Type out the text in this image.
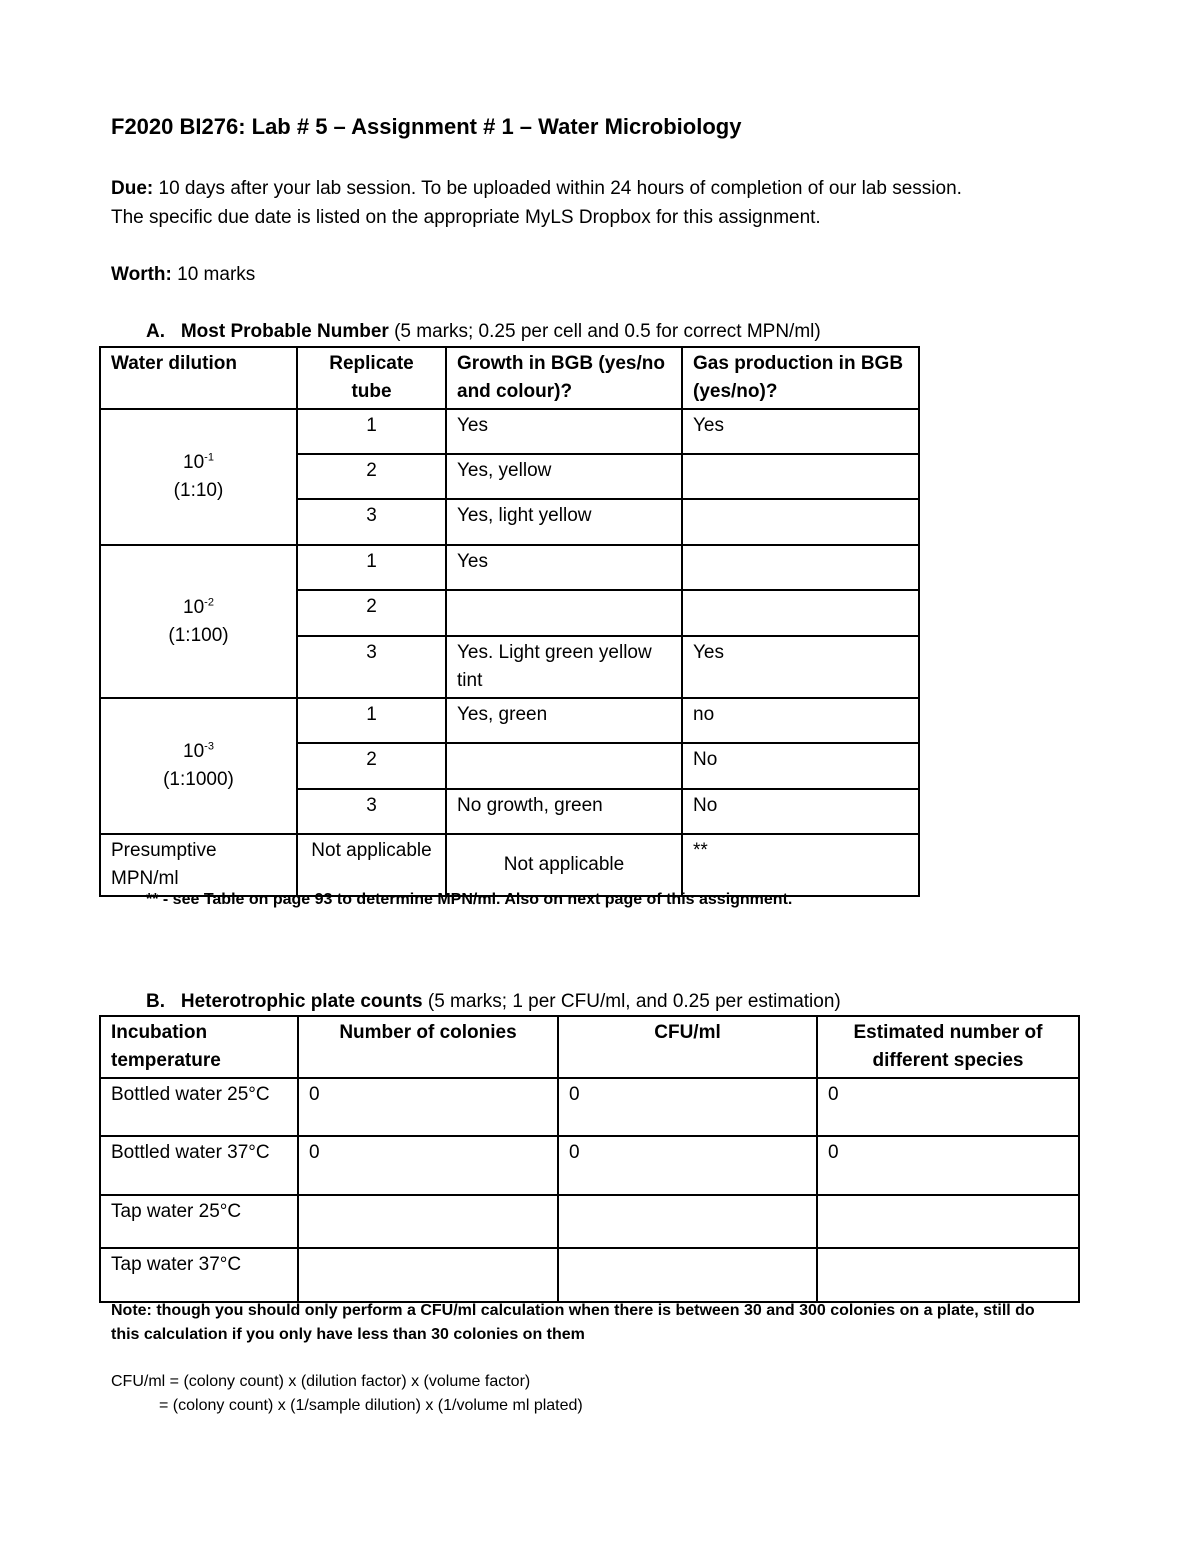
F2020 BI276: Lab # 5 – Assignment # 1 – Water Microbiology
Due: 10 days after your lab session. To be uploaded within 24 hours of completion of our lab session.
The specific due date is listed on the appropriate MyLS Dropbox for this assignment.
Worth: 10 marks
A. Most Probable Number (5 marks; 0.25 per cell and 0.5 for correct MPN/ml)
Water dilution	Replicate tube	Growth in BGB (yes/no and colour)?	Gas production in BGB (yes/no)?
$10^{-1}$
(1:10)	1	Yes	Yes
	2	Yes, yellow	
	3	Yes, light yellow	
$10^{-2}$
(1:100)	1	Yes	
	2		
	3	Yes. Light green yellow tint	Yes
$10^{-3}$
(1:1000)	1	Yes, green	no
	2		No
	3	No growth, green	No
Presumptive MPN/ml	Not applicable	Not applicable	**
** - see Table on page 93 to determine MPN/ml. Also on next page of this assignment.
B. Heterotrophic plate counts (5 marks; 1 per CFU/ml, and 0.25 per estimation)
Incubation temperature	Number of colonies	CFU/ml	Estimated number of different species
Bottled water 25°C	0	0	0
Bottled water 37°C	0	0	0
Tap water 25°C			
Tap water 37°C			
Note: though you should only perform a CFU/ml calculation when there is between 30 and 300 colonies on a plate, still do
this calculation if you only have less than 30 colonies on them
CFU/ml = (colony count) x (dilution factor) x (volume factor)
= (colony count) x (1/sample dilution) x (1/volume ml plated)
